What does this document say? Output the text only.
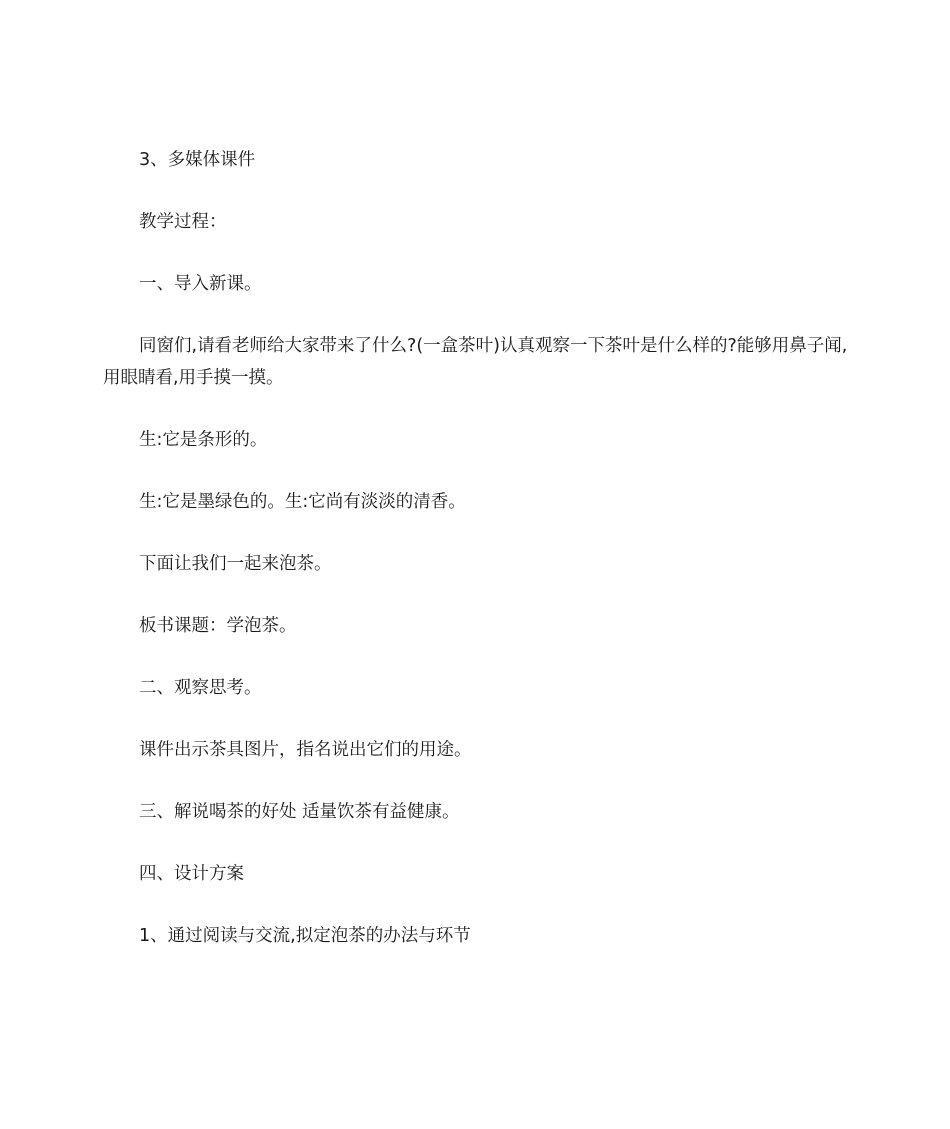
3、多媒体课件

教学过程：

一、导入新课。

同窗们,请看老师给大家带来了什么?(一盒茶叶)认真观察一下茶叶是什么样的?能够用鼻子闻,用眼睛看,用手摸一摸。

生:它是条形的。

生:它是墨绿色的。生:它尚有淡淡的清香。

下面让我们一起来泡茶。

板书课题：学泡茶。

二、观察思考。

课件出示茶具图片，指名说出它们的用途。

三、解说喝茶的好处 适量饮茶有益健康。

四、设计方案

1、通过阅读与交流,拟定泡茶的办法与环节
